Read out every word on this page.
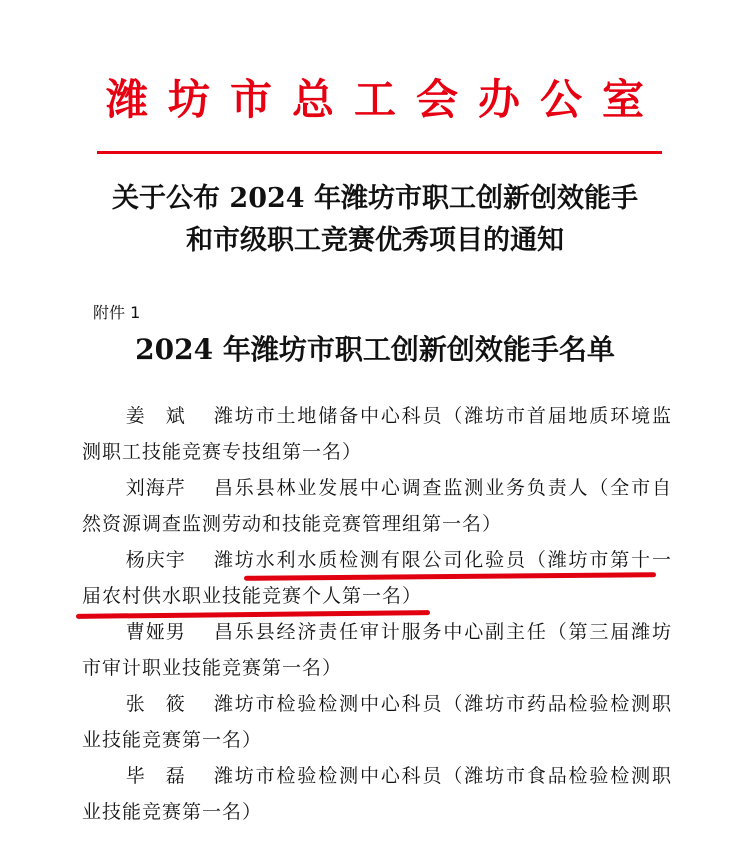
潍坊市总工会办公室
关于公布 2024 年潍坊市职工创新创效能手
和市级职工竞赛优秀项目的通知
附件 1
2024 年潍坊市职工创新创效能手名单
姜　斌 潍坊市土地储备中心科员（潍坊市首届地质环境监测职工技能竞赛专技组第一名）
刘海芹 昌乐县林业发展中心调查监测业务负责人（全市自然资源调查监测劳动和技能竞赛管理组第一名）
杨庆宇 潍坊水利水质检测有限公司化验员（潍坊市第十一届农村供水职业技能竞赛个人第一名）
曹娅男 昌乐县经济责任审计服务中心副主任（第三届潍坊市审计职业技能竞赛第一名）
张　筱 潍坊市检验检测中心科员（潍坊市药品检验检测职业技能竞赛第一名）
毕　磊 潍坊市检验检测中心科员（潍坊市食品检验检测职业技能竞赛第一名）
